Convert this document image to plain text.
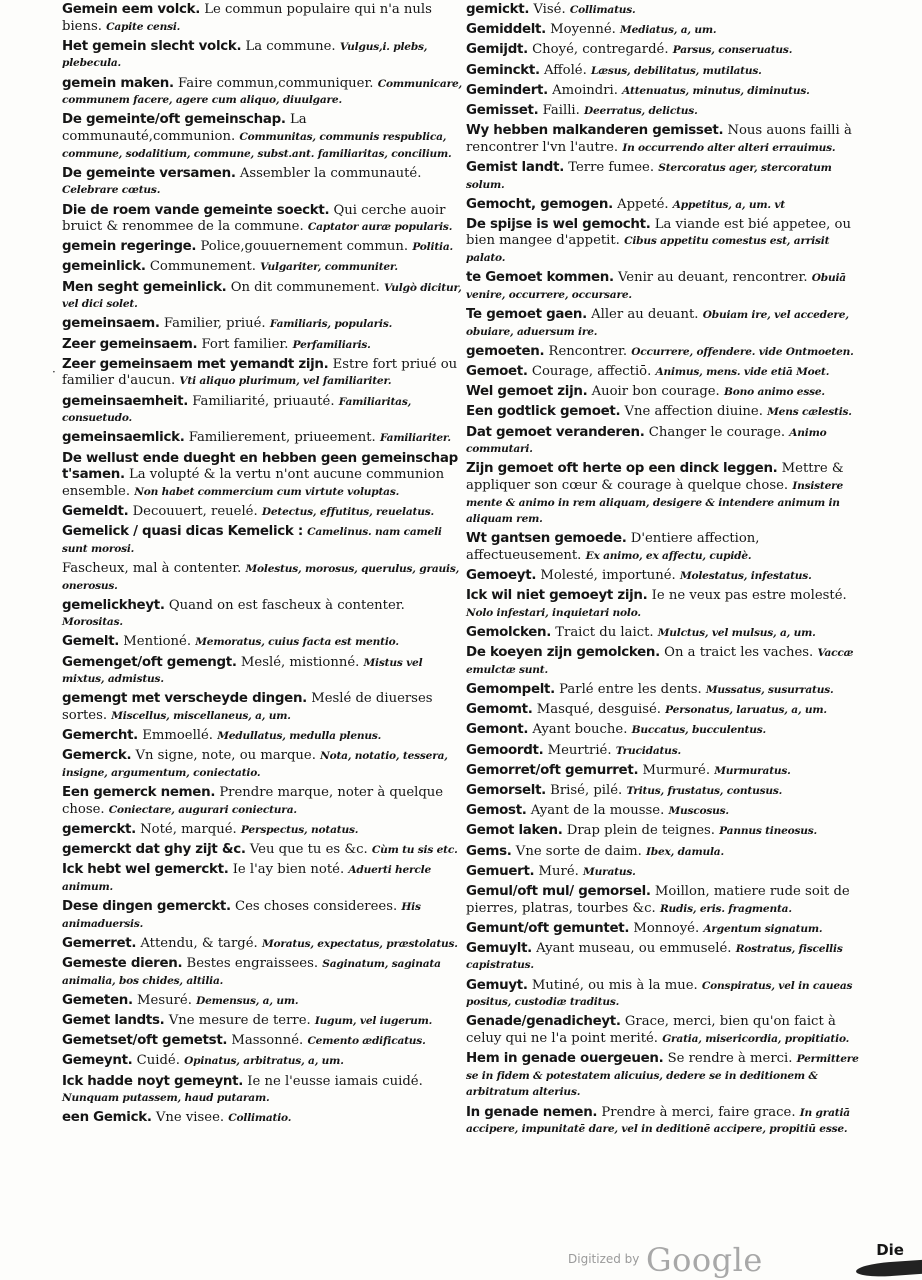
·
Gemein eem volck. Le commun populaire qui n'a nuls biens. Capite censi.
Het gemein slecht volck. La commune. Vulgus,i. plebs, plebecula.
gemein maken. Faire commun,communiquer. Communicare, communem facere, agere cum aliquo, diuulgare.
De gemeinte/oft gemeinschap. La communauté,communion. Communitas, communis respublica, commune, sodalitium, commune, subst.ant. familiaritas, concilium.
De gemeinte versamen. Assembler la communauté. Celebrare cœtus.
Die de roem vande gemeinte soeckt. Qui cerche auoir bruict & renommee de la commune. Captator auræ popularis.
gemein regeringe. Police,gouuernement commun. Politia.
gemeinlick. Communement. Vulgariter, communiter.
Men seght gemeinlick. On dit communement. Vulgò dicitur, vel dici solet.
gemeinsaem. Familier, priué. Familiaris, popularis.
Zeer gemeinsaem. Fort familier. Perfamiliaris.
Zeer gemeinsaem met yemandt zijn. Estre fort priué ou familier d'aucun. Vti aliquo plurimum, vel familiariter.
gemeinsaemheit. Familiarité, priuauté. Familiaritas, consuetudo.
gemeinsaemlick. Familierement, priueement. Familiariter.
De wellust ende dueght en hebben geen gemeinschap t'samen. La volupté & la vertu n'ont aucune communion ensemble. Non habet commercium cum virtute voluptas.
Gemeldt. Decouuert, reuelé. Detectus, effutitus, reuelatus.
Gemelick / quasi dicas Kemelick : Camelinus. nam cameli sunt morosi.
Fascheux, mal à contenter. Molestus, morosus, querulus, grauis, onerosus.
gemelickheyt. Quand on est fascheux à contenter. Morositas.
Gemelt. Mentioné. Memoratus, cuius facta est mentio.
Gemenget/oft gemengt. Meslé, mistionné. Mistus vel mixtus, admistus.
gemengt met verscheyde dingen. Meslé de diuerses sortes. Miscellus, miscellaneus, a, um.
Gemercht. Emmoellé. Medullatus, medulla plenus.
Gemerck. Vn signe, note, ou marque. Nota, notatio, tessera, insigne, argumentum, coniectatio.
Een gemerck nemen. Prendre marque, noter à quelque chose. Coniectare, augurari coniectura.
gemerckt. Noté, marqué. Perspectus, notatus.
gemerckt dat ghy zijt &c. Veu que tu es &c. Cùm tu sis etc.
Ick hebt wel gemerckt. Ie l'ay bien noté. Aduerti hercle animum.
Dese dingen gemerckt. Ces choses considerees. His animaduersis.
Gemerret. Attendu, & targé. Moratus, expectatus, præstolatus.
Gemeste dieren. Bestes engraissees. Saginatum, saginata animalia, bos chides, altilia.
Gemeten. Mesuré. Demensus, a, um.
Gemet landts. Vne mesure de terre. Iugum, vel iugerum.
Gemetset/oft gemetst. Massonné. Cemento ædificatus.
Gemeynt. Cuidé. Opinatus, arbitratus, a, um.
Ick hadde noyt gemeynt. Ie ne l'eusse iamais cuidé. Nunquam putassem, haud putaram.
een Gemick. Vne visee. Collimatio.
gemickt. Visé. Collimatus.
Gemiddelt. Moyenné. Mediatus, a, um.
Gemijdt. Choyé, contregardé. Parsus, conseruatus.
Geminckt. Affolé. Læsus, debilitatus, mutilatus.
Gemindert. Amoindri. Attenuatus, minutus, diminutus.
Gemisset. Failli. Deerratus, delictus.
Wy hebben malkanderen gemisset. Nous auons failli à rencontrer l'vn l'autre. In occurrendo alter alteri errauimus.
Gemist landt. Terre fumee. Stercoratus ager, stercoratum solum.
Gemocht, gemogen. Appeté. Appetitus, a, um. vt
De spijse is wel gemocht. La viande est bié appetee, ou bien mangee d'appetit. Cibus appetitu comestus est, arrisit palato.
te Gemoet kommen. Venir au deuant, rencontrer. Obuiā venire, occurrere, occursare.
Te gemoet gaen. Aller au deuant. Obuiam ire, vel accedere, obuiare, aduersum ire.
gemoeten. Rencontrer. Occurrere, offendere. vide Ontmoeten.
Gemoet. Courage, affectiō. Animus, mens. vide etiā Moet.
Wel gemoet zijn. Auoir bon courage. Bono animo esse.
Een godtlick gemoet. Vne affection diuine. Mens cælestis.
Dat gemoet veranderen. Changer le courage. Animo commutari.
Zijn gemoet oft herte op een dinck leggen. Mettre & appliquer son cœur & courage à quelque chose. Insistere mente & animo in rem aliquam, desigere & intendere animum in aliquam rem.
Wt gantsen gemoede. D'entiere affection, affectueusement. Ex animo, ex affectu, cupidè.
Gemoeyt. Molesté, importuné. Molestatus, infestatus.
Ick wil niet gemoeyt zijn. Ie ne veux pas estre molesté. Nolo infestari, inquietari nolo.
Gemolcken. Traict du laict. Mulctus, vel mulsus, a, um.
De koeyen zijn gemolcken. On a traict les vaches. Vaccæ emulctæ sunt.
Gemompelt. Parlé entre les dents. Mussatus, susurratus.
Gemomt. Masqué, desguisé. Personatus, laruatus, a, um.
Gemont. Ayant bouche. Buccatus, bucculentus.
Gemoordt. Meurtrié. Trucidatus.
Gemorret/oft gemurret. Murmuré. Murmuratus.
Gemorselt. Brisé, pilé. Tritus, frustatus, contusus.
Gemost. Ayant de la mousse. Muscosus.
Gemot laken. Drap plein de teignes. Pannus tineosus.
Gems. Vne sorte de daim. Ibex, damula.
Gemuert. Muré. Muratus.
Gemul/oft mul/ gemorsel. Moillon, matiere rude soit de pierres, platras, tourbes &c. Rudis, eris. fragmenta.
Gemunt/oft gemuntet. Monnoyé. Argentum signatum.
Gemuylt. Ayant museau, ou emmuselé. Rostratus, fiscellis capistratus.
Gemuyt. Mutiné, ou mis à la mue. Conspiratus, vel in caueas positus, custodiæ traditus.
Genade/genadicheyt. Grace, merci, bien qu'on faict à celuy qui ne l'a point merité. Gratia, misericordia, propitiatio.
Hem in genade ouergeuen. Se rendre à merci. Permittere se in fidem & potestatem alicuius, dedere se in deditionem & arbitratum alterius.
In genade nemen. Prendre à merci, faire grace. In gratiā accipere, impunitatē dare, vel in deditionē accipere, propitiū esse.
Die
Digitized by Google
